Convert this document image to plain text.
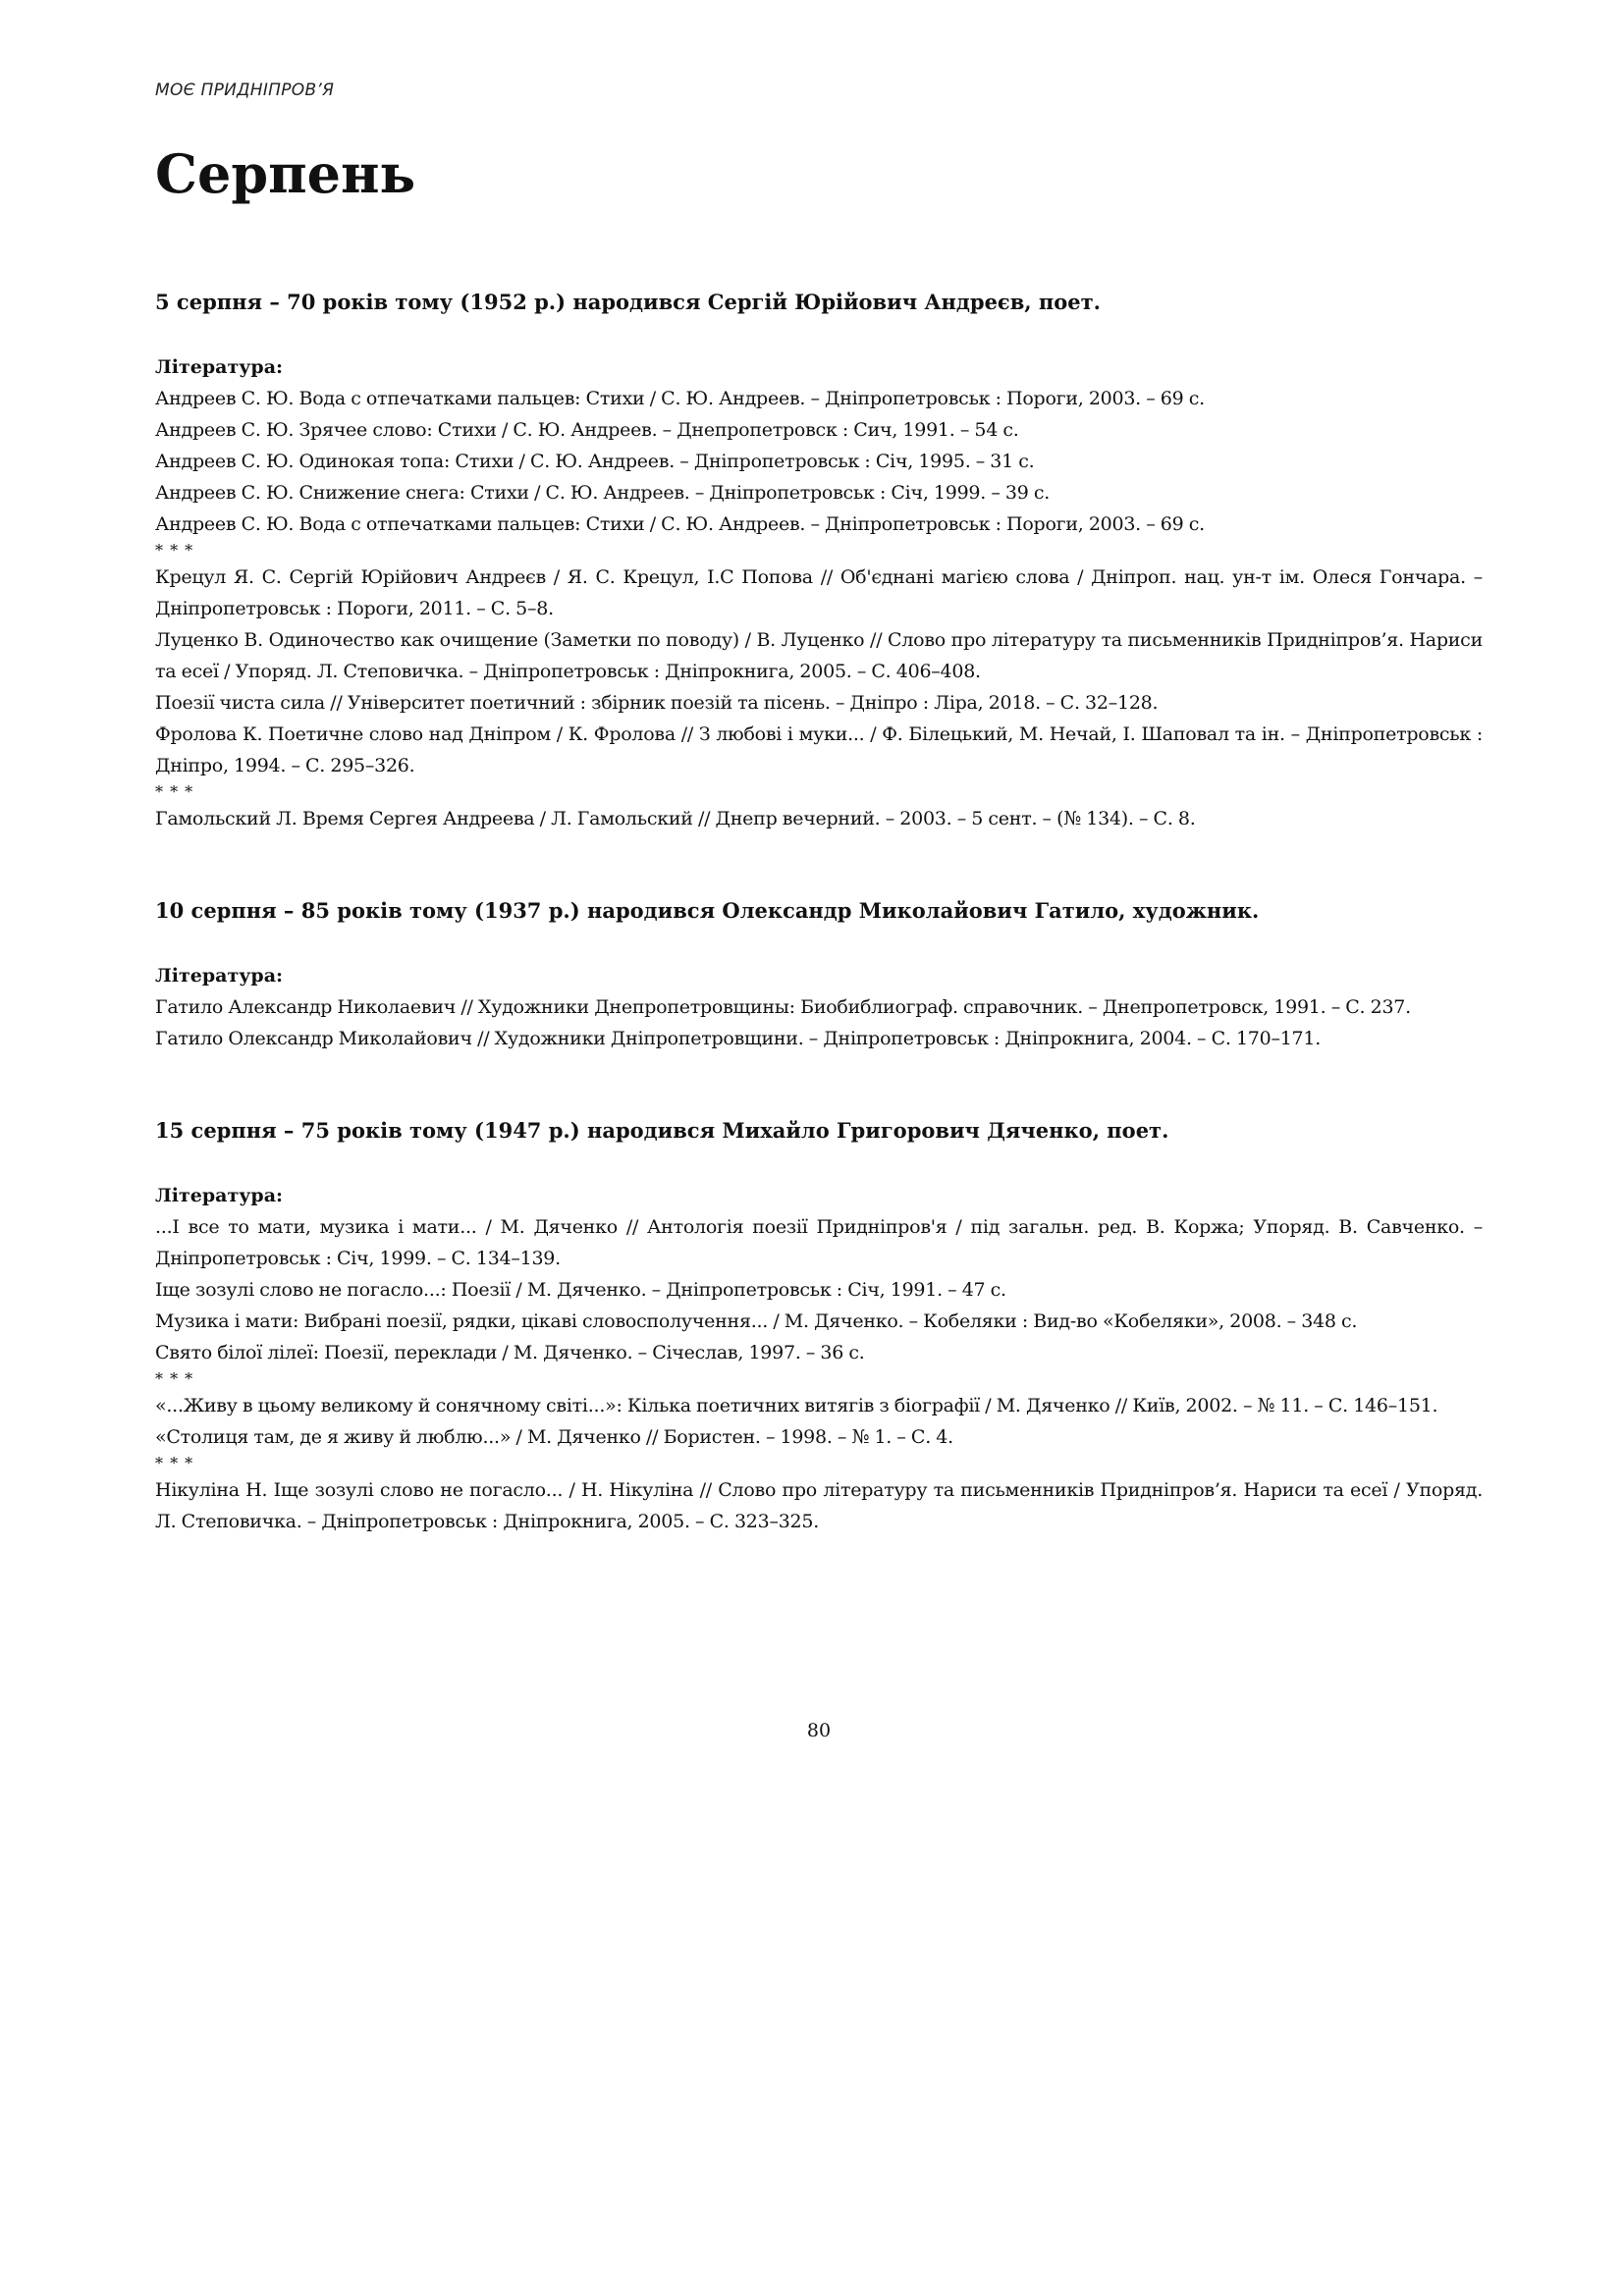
МОЄ ПРИДНІПРОВ’Я
Серпень
5 серпня – 70 років тому (1952 р.) народився Сергій Юрійович Андреєв, поет.
Література:
Андреев С. Ю. Вода с отпечатками пальцев: Стихи / С. Ю. Андреев. – Дніпропетровськ : Пороги, 2003. – 69 с.
Андреев С. Ю. Зрячее слово: Стихи / С. Ю. Андреев. – Днепропетровск : Сич, 1991. – 54 с.
Андреев С. Ю. Одинокая топа: Стихи / С. Ю. Андреев. – Дніпропетровськ : Січ, 1995. – 31 с.
Андреев С. Ю. Снижение снега: Стихи / С. Ю. Андреев. – Дніпропетровськ : Січ, 1999. – 39 с.
Андреев С. Ю. Вода с отпечатками пальцев: Стихи / С. Ю. Андреев. – Дніпропетровськ : Пороги, 2003. – 69 с.
* * *
Крецул Я. С. Сергій Юрійович Андреєв / Я. С. Крецул, І.С Попова // Об'єднані магією слова / Дніпроп. нац. ун-т ім. Олеся Гончара. – Дніпропетровськ : Пороги, 2011. – С. 5–8.
Луценко В. Одиночество как очищение (Заметки по поводу) / В. Луценко // Слово про літературу та письменників Придніпров’я. Нариси та есеї / Упоряд. Л. Степовичка. – Дніпропетровськ : Дніпрокнига, 2005. – С. 406–408.
Поезії чиста сила // Університет поетичний : збірник поезій та пісень. – Дніпро : Ліра, 2018. – С. 32–128.
Фролова К. Поетичне слово над Дніпром / К. Фролова // З любові і муки... / Ф. Білецький, М. Нечай, І. Шаповал та ін. – Дніпропетровськ : Дніпро, 1994. – С. 295–326.
* * *
Гамольский Л. Время Сергея Андреева / Л. Гамольский // Днепр вечерний. – 2003. – 5 сент. – (№ 134). – С. 8.
10 серпня – 85 років тому (1937 р.) народився Олександр Миколайович Гатило, художник.
Література:
Гатило Александр Николаевич // Художники Днепропетровщины: Биобиблиограф. справочник. – Днепропетровск, 1991. – С. 237.
Гатило Олександр Миколайович // Художники Дніпропетровщини. – Дніпропетровськ : Дніпрокнига, 2004. – С. 170–171.
15 серпня – 75 років тому (1947 р.) народився Михайло Григорович Дяченко, поет.
Література:
...І все то мати, музика і мати... / М. Дяченко // Антологія поезії Придніпров'я / під загальн. ред. В. Коржа; Упоряд. В. Савченко. – Дніпропетровськ : Січ, 1999. – С. 134–139.
Іще зозулі слово не погасло...: Поезії / М. Дяченко. – Дніпропетровськ : Січ, 1991. – 47 с.
Музика і мати: Вибрані поезії, рядки, цікаві словосполучення... / М. Дяченко. – Кобеляки : Вид-во «Кобеляки», 2008. – 348 с.
Свято білої лілеї: Поезії, переклади / М. Дяченко. – Січеслав, 1997. – 36 с.
* * *
«...Живу в цьому великому й сонячному світі...»: Кілька поетичних витягів з біографії / М. Дяченко // Київ, 2002. – № 11. – С. 146–151.
«Столиця там, де я живу й люблю...» / М. Дяченко // Бористен. – 1998. – № 1. – С. 4.
* * *
Нікуліна Н. Іще зозулі слово не погасло... / Н. Нікуліна // Слово про літературу та письменників Придніпров’я. Нариси та есеї / Упоряд. Л. Степовичка. – Дніпропетровськ : Дніпрокнига, 2005. – С. 323–325.
80
